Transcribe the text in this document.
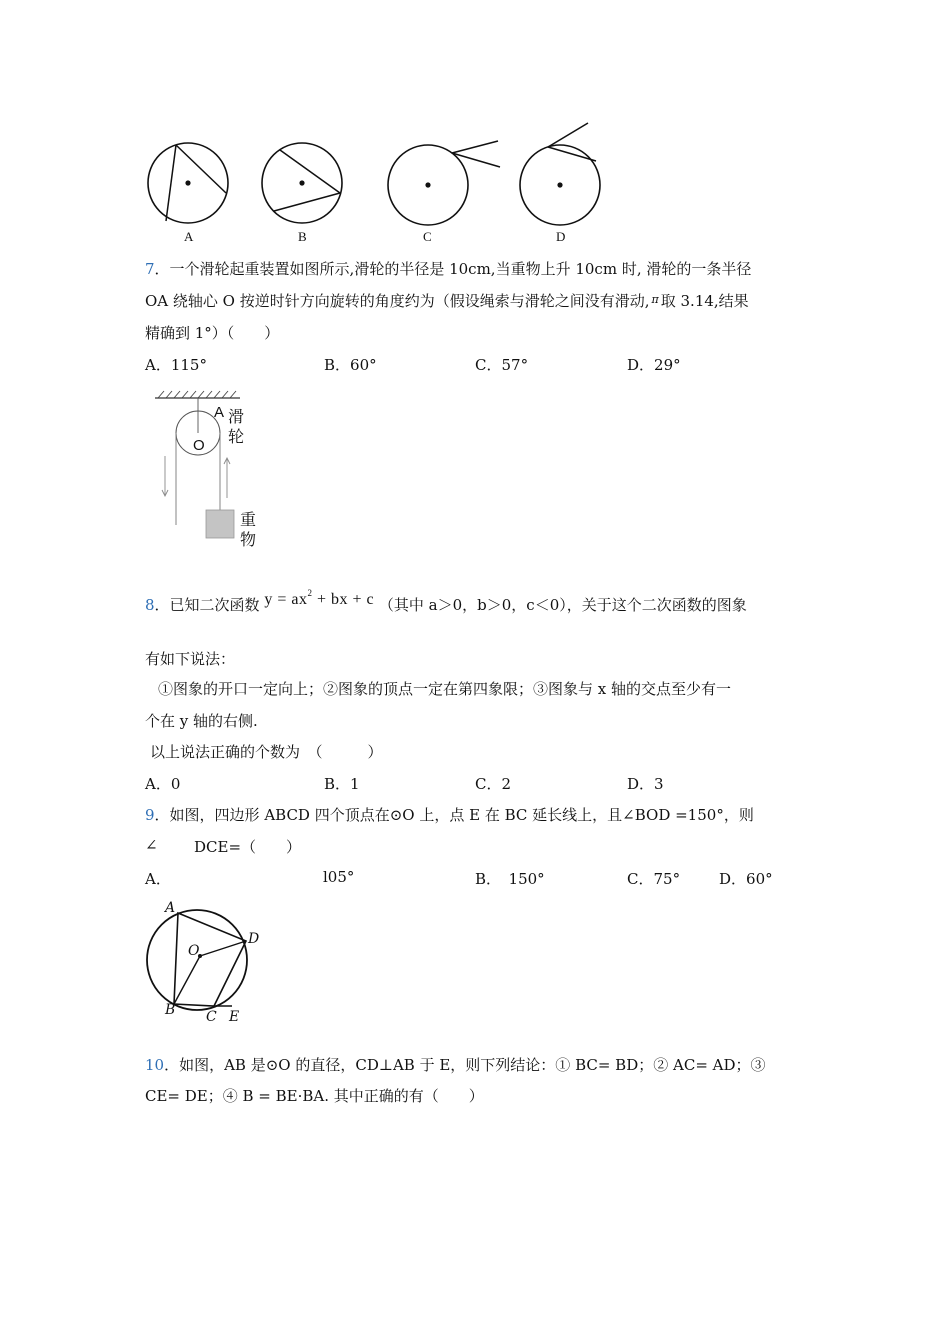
A	B	C	D
7．一个滑轮起重装置如图所示,滑轮的半径是 10cm,当重物上升 10cm 时, 滑轮的一条半径
OA 绕轴心 O 按逆时针方向旋转的角度约为（假设绳索与滑轮之间没有滑动, $^\pi$ 取 3.14,结果
精确到 1°）（　　）
A．115°	B．60°	C．57°	D．29°
A
O
滑
轮
重
物
8．已知二次函数 $y = ax^2$ + bx + c （其中 a＞0，b＞0，c＜0），关于这个二次函数的图象
有如下说法：
①图象的开口一定向上；②图象的顶点一定在第四象限；③图象与 x 轴的交点至少有一
个在 y 轴的右侧.
以上说法正确的个数为　（　　　）
A．0	B．1	C．2	D．3
9．如图，四边形 ABCD 四个顶点在⊙O 上，点 E 在 BC 延长线上，且∠BOD =150°，则
∠ DCE=（　　）
A．	l05°	B．　150°	C．75°	D．60°
A
D
O
B C E
10．如图，AB 是⊙O 的直径，CD⊥AB 于 E，则下列结论：① BC= BD；② AC= AD；③
CE= DE；④ B = BE·BA. 其中正确的有（　　）
